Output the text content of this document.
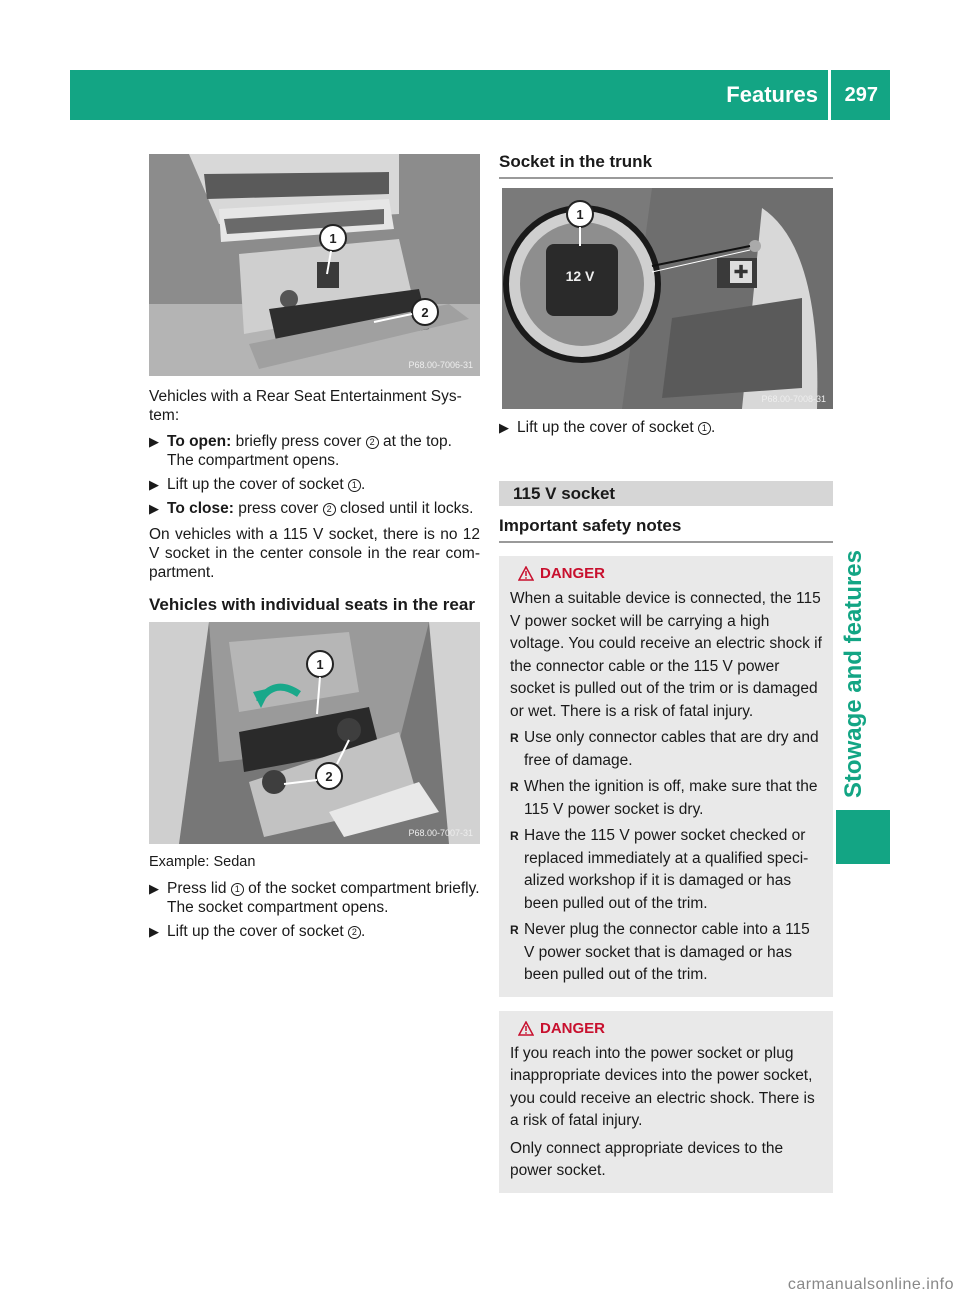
Features 297
Stowage and features
1
2
P68.00-7006-31

Vehicles with a Rear Seat Entertainment Sys-tem:

▶ To open: briefly press cover 2 at the top.
The compartment opens.
▶ Lift up the cover of socket 1 .
▶ To close: press cover 2 closed until it locks.

On vehicles with a 115 V socket, there is no 12 V socket in the center console in the rear com-partment.

Vehicles with individual seats in the rear
1
2
P68.00-7007-31

Example: Sedan

▶ Press lid 1 of the socket compartment briefly.
The socket compartment opens.
▶ Lift up the cover of socket 2 .
Socket in the trunk
✚
12 V
1
P68.00-7008-31
▶ Lift up the cover of socket 1 .
115 V socket
Important safety notes
DANGER

When a suitable device is connected, the 115 V power socket will be carrying a high voltage. You could receive an electric shock if the connector cable or the 115 V power socket is pulled out of the trim or is damaged or wet. There is a risk of fatal injury.

R Use only connector cables that are dry and free of damage.
R When the ignition is off, make sure that the 115 V power socket is dry.
R Have the 115 V power socket checked or replaced immediately at a qualified speci-alized workshop if it is damaged or has been pulled out of the trim.
R Never plug the connector cable into a 115 V power socket that is damaged or has been pulled out of the trim.
DANGER

If you reach into the power socket or plug inappropriate devices into the power socket, you could receive an electric shock. There is a risk of fatal injury.

Only connect appropriate devices to the power socket.

carmanualsonline.info
